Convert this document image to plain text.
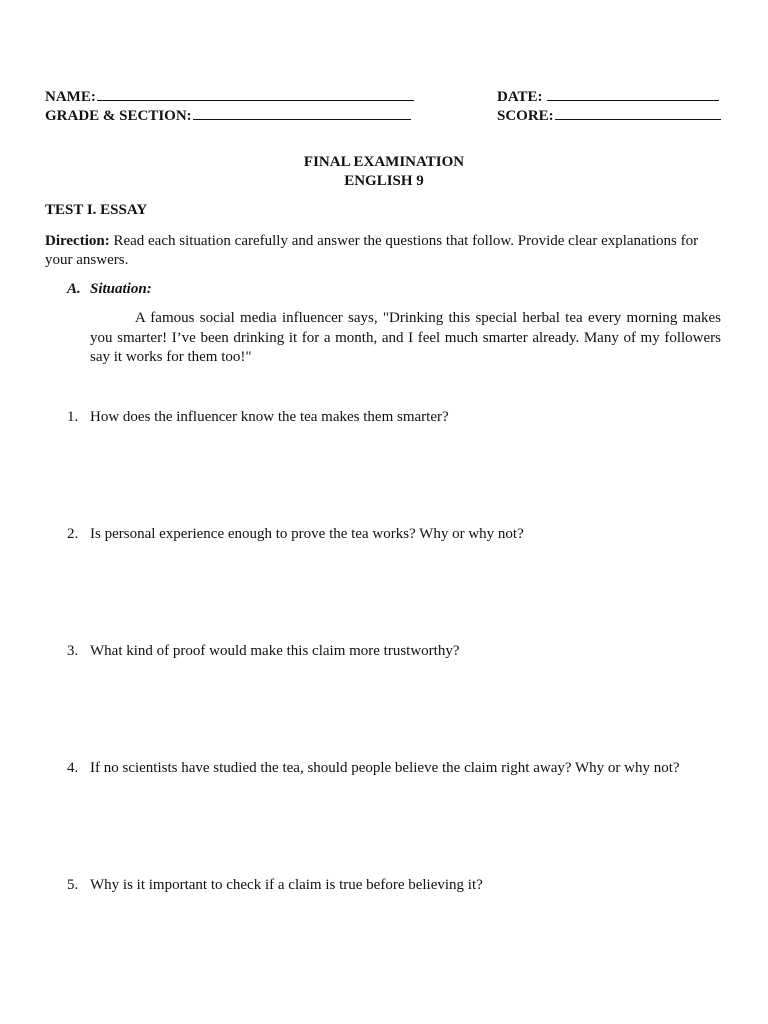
NAME:	DATE:
GRADE & SECTION:	SCORE:
FINAL EXAMINATION
ENGLISH 9
TEST I. ESSAY
Direction: Read each situation carefully and answer the questions that follow. Provide clear explanations for your answers.
A. Situation:
A famous social media influencer says, "Drinking this special herbal tea every morning makes you smarter! I’ve been drinking it for a month, and I feel much smarter already. Many of my followers say it works for them too!"
1. How does the influencer know the tea makes them smarter?
2. Is personal experience enough to prove the tea works? Why or why not?
3. What kind of proof would make this claim more trustworthy?
4. If no scientists have studied the tea, should people believe the claim right away? Why or why not?
5. Why is it important to check if a claim is true before believing it?
